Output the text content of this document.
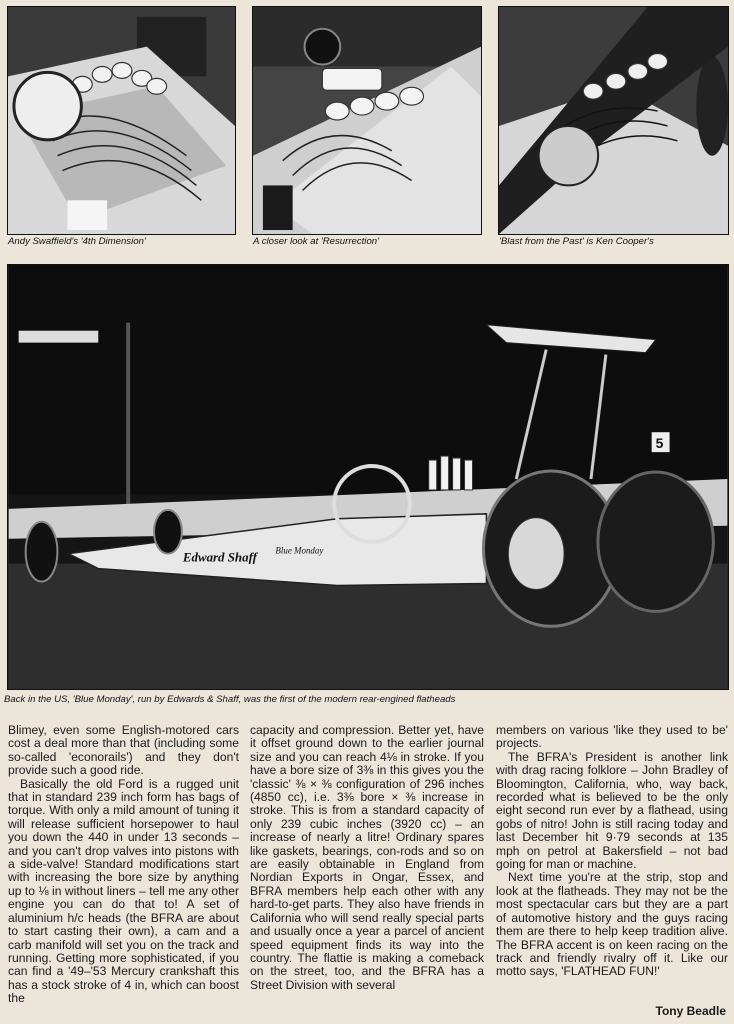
Andy Swaffield's '4th Dimension'	A closer look at 'Resurrection'	'Blast from the Past' is Ken Cooper's
5
Edward Shaff Blue Monday
Back in the US, 'Blue Monday', run by Edwards & Shaff, was the first of the modern rear-engined flatheads

Blimey, even some English-motored cars cost a deal more than that (including some so-called 'econorails') and they don't provide such a good ride.

Basically the old Ford is a rugged unit that in standard 239 inch form has bags of torque. With only a mild amount of tuning it will release sufficient horsepower to haul you down the 440 in under 13 seconds – and you can't drop valves into pistons with a side-valve! Standard modifications start with increasing the bore size by anything up to ⅛ in without liners – tell me any other engine you can do that to! A set of aluminium h/c heads (the BFRA are about to start casting their own), a cam and a carb manifold will set you on the track and running. Getting more sophisticated, if you can find a '49–'53 Mercury crankshaft this has a stock stroke of 4 in, which can boost the

capacity and compression. Better yet, have it offset ground down to the earlier journal size and you can reach 4⅛ in stroke. If you have a bore size of 3⅜ in this gives you the 'classic' ⅜ × ⅜ configuration of 296 inches (4850 cc), i.e. 3⅜ bore × ⅜ increase in stroke. This is from a standard capacity of only 239 cubic inches (3920 cc) – an increase of nearly a litre! Ordinary spares like gaskets, bearings, con-rods and so on are easily obtainable in England from Nordian Exports in Ongar, Essex, and BFRA members help each other with any hard-to-get parts. They also have friends in California who will send really special parts and usually once a year a parcel of ancient speed equipment finds its way into the country. The flattie is making a comeback on the street, too, and the BFRA has a Street Division with several

members on various 'like they used to be' projects.

The BFRA's President is another link with drag racing folklore – John Bradley of Bloomington, California, who, way back, recorded what is believed to be the only eight second run ever by a flathead, using gobs of nitro! John is still racing today and last December hit 9·79 seconds at 135 mph on petrol at Bakersfield – not bad going for man or machine.

Next time you're at the strip, stop and look at the flatheads. They may not be the most spectacular cars but they are a part of automotive history and the guys racing them are there to help keep tradition alive. The BFRA accent is on keen racing on the track and friendly rivalry off it. Like our motto says, 'FLATHEAD FUN!'

Tony Beadle
